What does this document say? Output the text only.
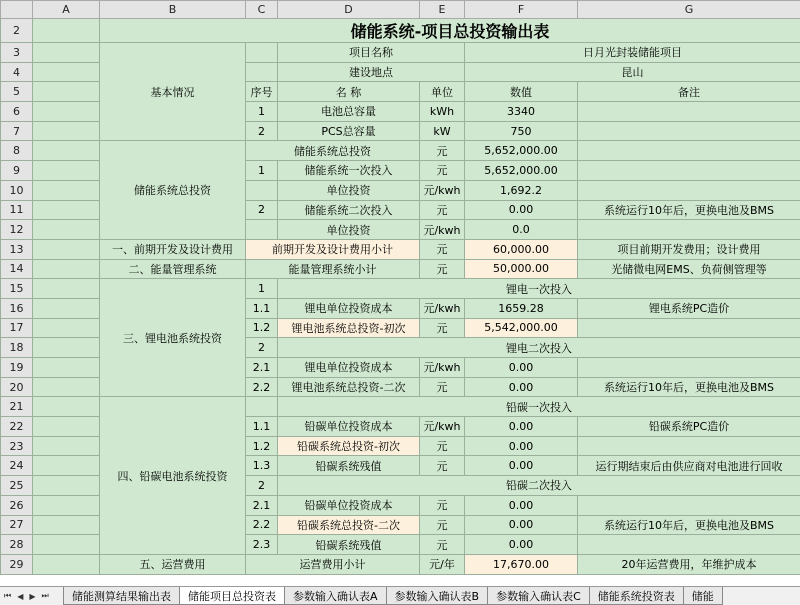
	A	B	C	D	E	F	G
2		储能系统-项目总投资输出表					
3		基本情况		项目名称		日月光封装储能项目	
4				建设地点		昆山	
5			序号	名 称	单位	数值	备注
6			1	电池总容量	kWh	3340	
7			2	PCS总容量	kW	750	
8		储能系统总投资	储能系统总投资		元	5,652,000.00	
9			1	储能系统一次投入	元	5,652,000.00	
10				单位投资	元/kwh	1,692.2	
11			2	储能系统二次投入	元	0.00	系统运行10年后，更换电池及BMS
12				单位投资	元/kwh	0.0	
13		一、前期开发及设计费用	前期开发及设计费用小计		元	60,000.00	项目前期开发费用；设计费用
14		二、能量管理系统	能量管理系统小计		元	50,000.00	光储微电网EMS、负荷侧管理等
15		三、锂电池系统投资	1	锂电一次投入			
16			1.1	锂电单位投资成本	元/kwh	1659.28	锂电系统PC造价
17			1.2	锂电池系统总投资-初次	元	5,542,000.00	
18			2	锂电二次投入			
19			2.1	锂电单位投资成本	元/kwh	0.00	
20			2.2	锂电池系统总投资-二次	元	0.00	系统运行10年后，更换电池及BMS
21		四、铅碳电池系统投资		铅碳一次投入			
22			1.1	铅碳单位投资成本	元/kwh	0.00	铅碳系统PC造价
23			1.2	铅碳系统总投资-初次	元	0.00	
24			1.3	铅碳系统残值	元	0.00	运行期结束后由供应商对电池进行回收
25			2	铅碳二次投入			
26			2.1	铅碳单位投资成本	元	0.00	
27			2.2	铅碳系统总投资-二次	元	0.00	系统运行10年后，更换电池及BMS
28			2.3	铅碳系统残值	元	0.00	
29		五、运营费用	运营费用小计		元/年	17,670.00	20年运营费用，年维护成本
⏮ ◀ ▶ ⏭	储能测算结果输出表	储能项目总投资表	参数输入确认表A	参数输入确认表B	参数输入确认表C	储能系统投资表	储能
